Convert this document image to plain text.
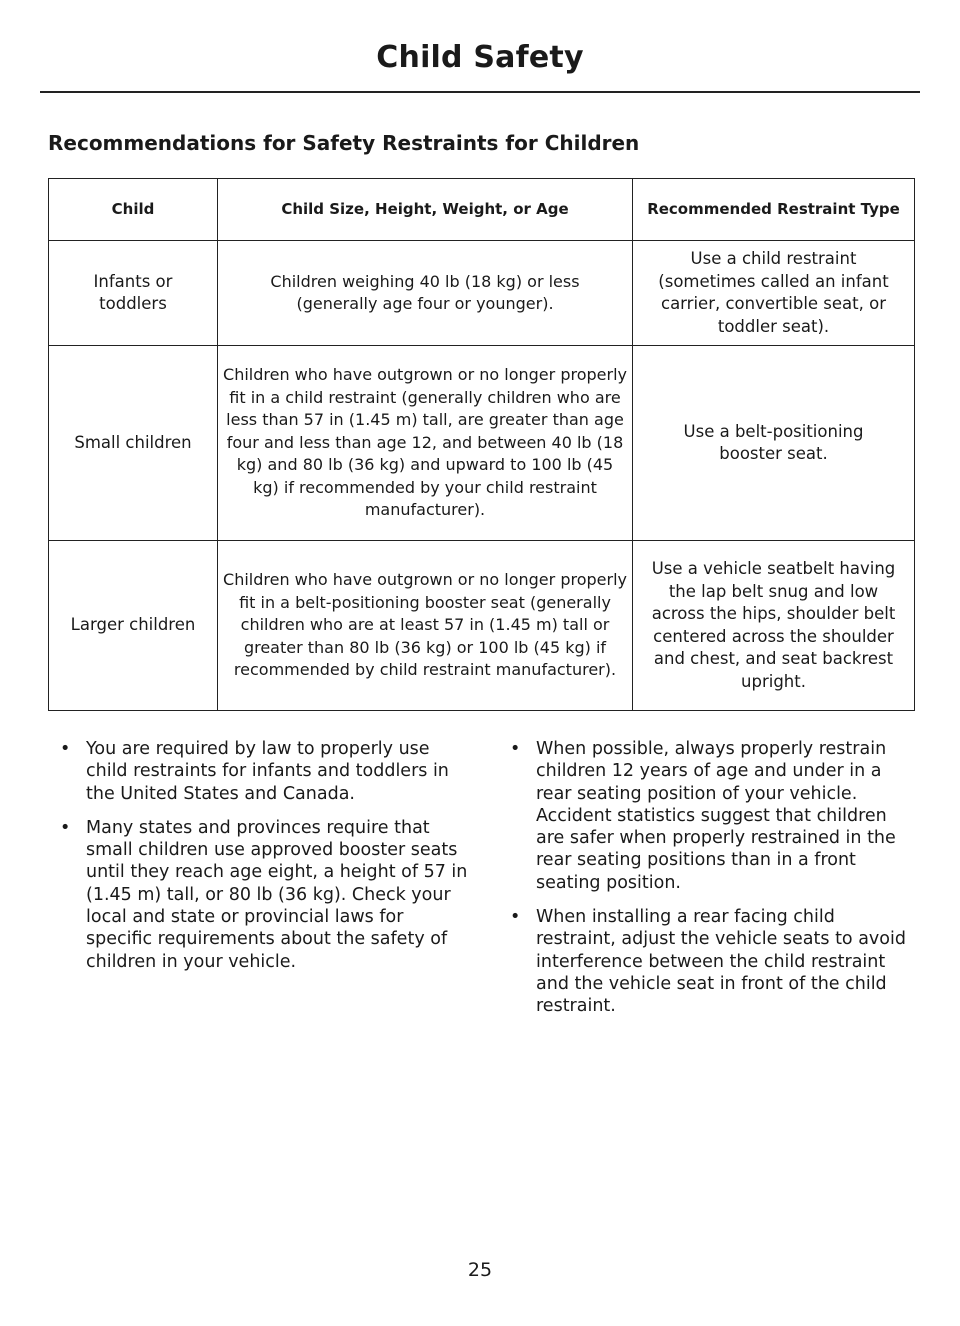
Child Safety
Recommendations for Safety Restraints for Children
Child	Child Size, Height, Weight, or Age	Recommended Restraint Type
Infants or toddlers	Children weighing 40 lb (18 kg) or less (generally age four or younger).	Use a child restraint (sometimes called an infant carrier, convertible seat, or toddler seat).
Small children	Children who have outgrown or no longer properly fit in a child restraint (generally children who are less than 57 in (1.45 m) tall, are greater than age four and less than age 12, and between 40 lb (18 kg) and 80 lb (36 kg) and upward to 100 lb (45 kg) if recommended by your child restraint manufacturer).	Use a belt-positioning booster seat.
Larger children	Children who have outgrown or no longer properly fit in a belt-positioning booster seat (generally children who are at least 57 in (1.45 m) tall or greater than 80 lb (36 kg) or 100 lb (45 kg) if recommended by child restraint manufacturer).	Use a vehicle seatbelt having the lap belt snug and low across the hips, shoulder belt centered across the shoulder and chest, and seat backrest upright.
• You are required by law to properly use child restraints for infants and toddlers in the United States and Canada.
• Many states and provinces require that small children use approved booster seats until they reach age eight, a height of 57 in (1.45 m) tall, or 80 lb (36 kg). Check your local and state or provincial laws for specific requirements about the safety of children in your vehicle.
• When possible, always properly restrain children 12 years of age and under in a rear seating position of your vehicle. Accident statistics suggest that children are safer when properly restrained in the rear seating positions than in a front seating position.
• When installing a rear facing child restraint, adjust the vehicle seats to avoid interference between the child restraint and the vehicle seat in front of the child restraint.
25
